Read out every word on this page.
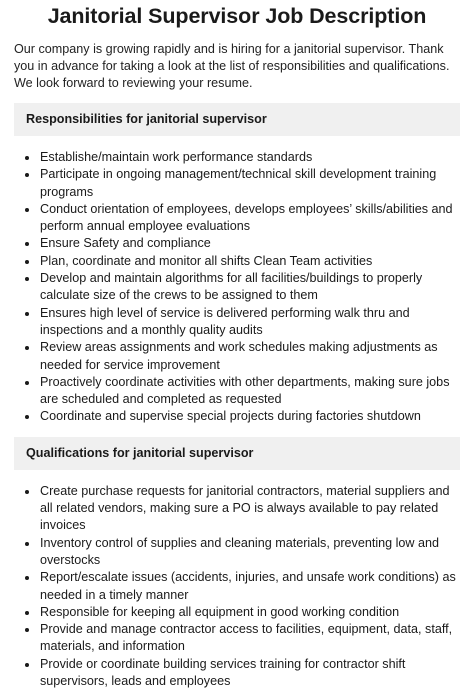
Janitorial Supervisor Job Description

Our company is growing rapidly and is hiring for a janitorial supervisor. Thank you in advance for taking a look at the list of responsibilities and qualifications. We look forward to reviewing your resume.

Responsibilities for janitorial supervisor
Establishe/maintain work performance standards
Participate in ongoing management/technical skill development training programs
Conduct orientation of employees, develops employees’ skills/abilities and perform annual employee evaluations
Ensure Safety and compliance
Plan, coordinate and monitor all shifts Clean Team activities
Develop and maintain algorithms for all facilities/buildings to properly calculate size of the crews to be assigned to them
Ensures high level of service is delivered performing walk thru and inspections and a monthly quality audits
Review areas assignments and work schedules making adjustments as needed for service improvement
Proactively coordinate activities with other departments, making sure jobs are scheduled and completed as requested
Coordinate and supervise special projects during factories shutdown
Qualifications for janitorial supervisor
Create purchase requests for janitorial contractors, material suppliers and all related vendors, making sure a PO is always available to pay related invoices
Inventory control of supplies and cleaning materials, preventing low and overstocks
Report/escalate issues (accidents, injuries, and unsafe work conditions) as needed in a timely manner
Responsible for keeping all equipment in good working condition
Provide and manage contractor access to facilities, equipment, data, staff, materials, and information
Provide or coordinate building services training for contractor shift supervisors, leads and employees
